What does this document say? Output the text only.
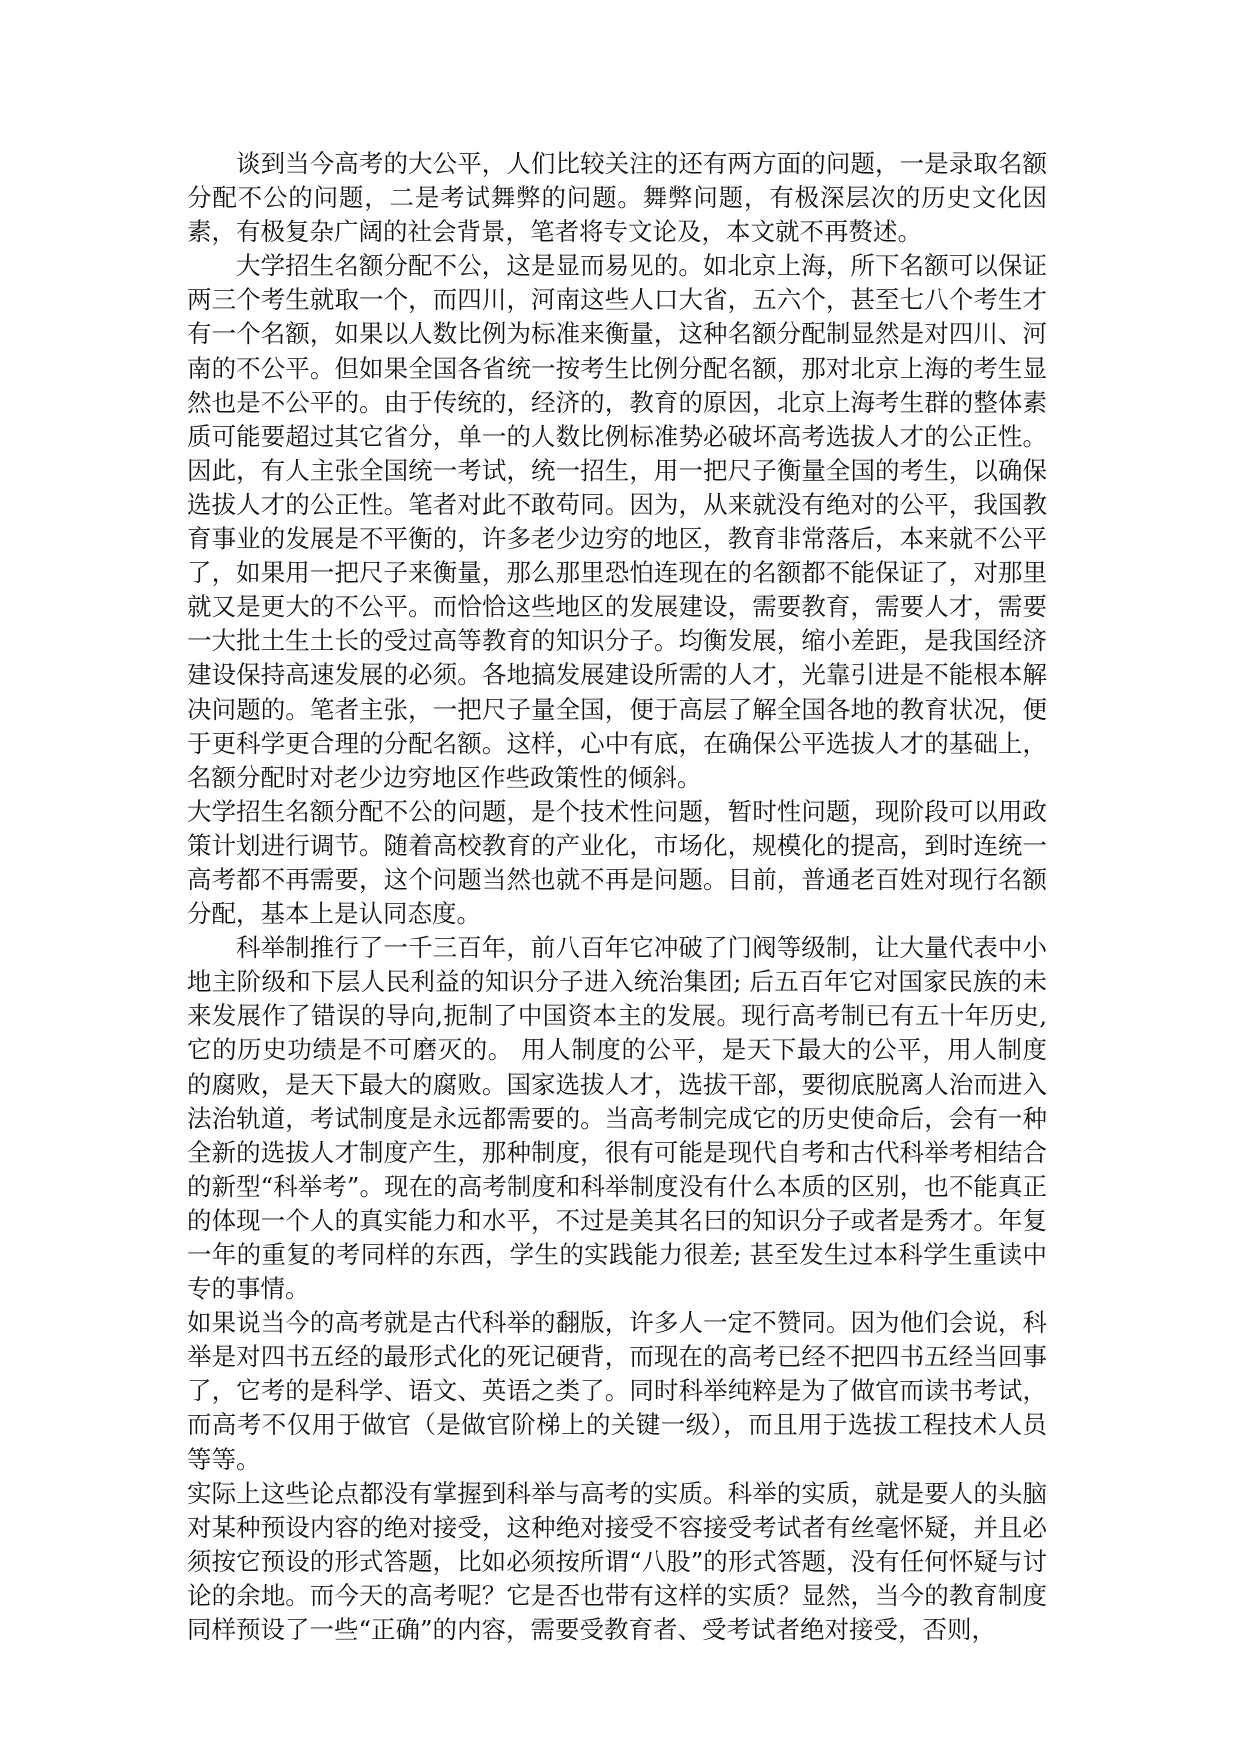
谈到当今高考的大公平，人们比较关注的还有两方面的问题，一是录取名额分配不公的问题，二是考试舞弊的问题。舞弊问题，有极深层次的历史文化因素，有极复杂广阔的社会背景，笔者将专文论及，本文就不再赘述。

大学招生名额分配不公，这是显而易见的。如北京上海，所下名额可以保证两三个考生就取一个，而四川，河南这些人口大省，五六个，甚至七八个考生才有一个名额，如果以人数比例为标准来衡量，这种名额分配制显然是对四川、河南的不公平。但如果全国各省统一按考生比例分配名额，那对北京上海的考生显然也是不公平的。由于传统的，经济的，教育的原因，北京上海考生群的整体素质可能要超过其它省分，单一的人数比例标准势必破坏高考选拔人才的公正性。因此，有人主张全国统一考试，统一招生，用一把尺子衡量全国的考生，以确保选拔人才的公正性。笔者对此不敢苟同。因为，从来就没有绝对的公平，我国教育事业的发展是不平衡的，许多老少边穷的地区，教育非常落后，本来就不公平了，如果用一把尺子来衡量，那么那里恐怕连现在的名额都不能保证了，对那里就又是更大的不公平。而恰恰这些地区的发展建设，需要教育，需要人才，需要一大批土生土长的受过高等教育的知识分子。均衡发展，缩小差距，是我国经济建设保持高速发展的必须。各地搞发展建设所需的人才，光靠引进是不能根本解决问题的。笔者主张，一把尺子量全国，便于高层了解全国各地的教育状况，便于更科学更合理的分配名额。这样，心中有底，在确保公平选拔人才的基础上，名额分配时对老少边穷地区作些政策性的倾斜。

大学招生名额分配不公的问题，是个技术性问题，暂时性问题，现阶段可以用政策计划进行调节。随着高校教育的产业化，市场化，规模化的提高，到时连统一高考都不再需要，这个问题当然也就不再是问题。目前，普通老百姓对现行名额分配，基本上是认同态度。

科举制推行了一千三百年，前八百年它冲破了门阀等级制，让大量代表中小地主阶级和下层人民利益的知识分子进入统治集团; 后五百年它对国家民族的未来发展作了错误的导向,扼制了中国资本主的发展。现行高考制已有五十年历史,它的历史功绩是不可磨灭的。 用人制度的公平，是天下最大的公平，用人制度的腐败，是天下最大的腐败。国家选拔人才，选拔干部，要彻底脱离人治而进入法治轨道，考试制度是永远都需要的。当高考制完成它的历史使命后，会有一种全新的选拔人才制度产生，那种制度，很有可能是现代自考和古代科举考相结合的新型“科举考”。现在的高考制度和科举制度没有什么本质的区别，也不能真正的体现一个人的真实能力和水平，不过是美其名曰的知识分子或者是秀才。年复一年的重复的考同样的东西，学生的实践能力很差; 甚至发生过本科学生重读中专的事情。

如果说当今的高考就是古代科举的翻版，许多人一定不赞同。因为他们会说，科举是对四书五经的最形式化的死记硬背，而现在的高考已经不把四书五经当回事了，它考的是科学、语文、英语之类了。同时科举纯粹是为了做官而读书考试，而高考不仅用于做官（是做官阶梯上的关键一级），而且用于选拔工程技术人员等等。

实际上这些论点都没有掌握到科举与高考的实质。科举的实质，就是要人的头脑对某种预设内容的绝对接受，这种绝对接受不容接受考试者有丝毫怀疑，并且必须按它预设的形式答题，比如必须按所谓“八股”的形式答题，没有任何怀疑与讨论的余地。而今天的高考呢？它是否也带有这样的实质？显然，当今的教育制度同样预设了一些“正确”的内容，需要受教育者、受考试者绝对接受，否则，
